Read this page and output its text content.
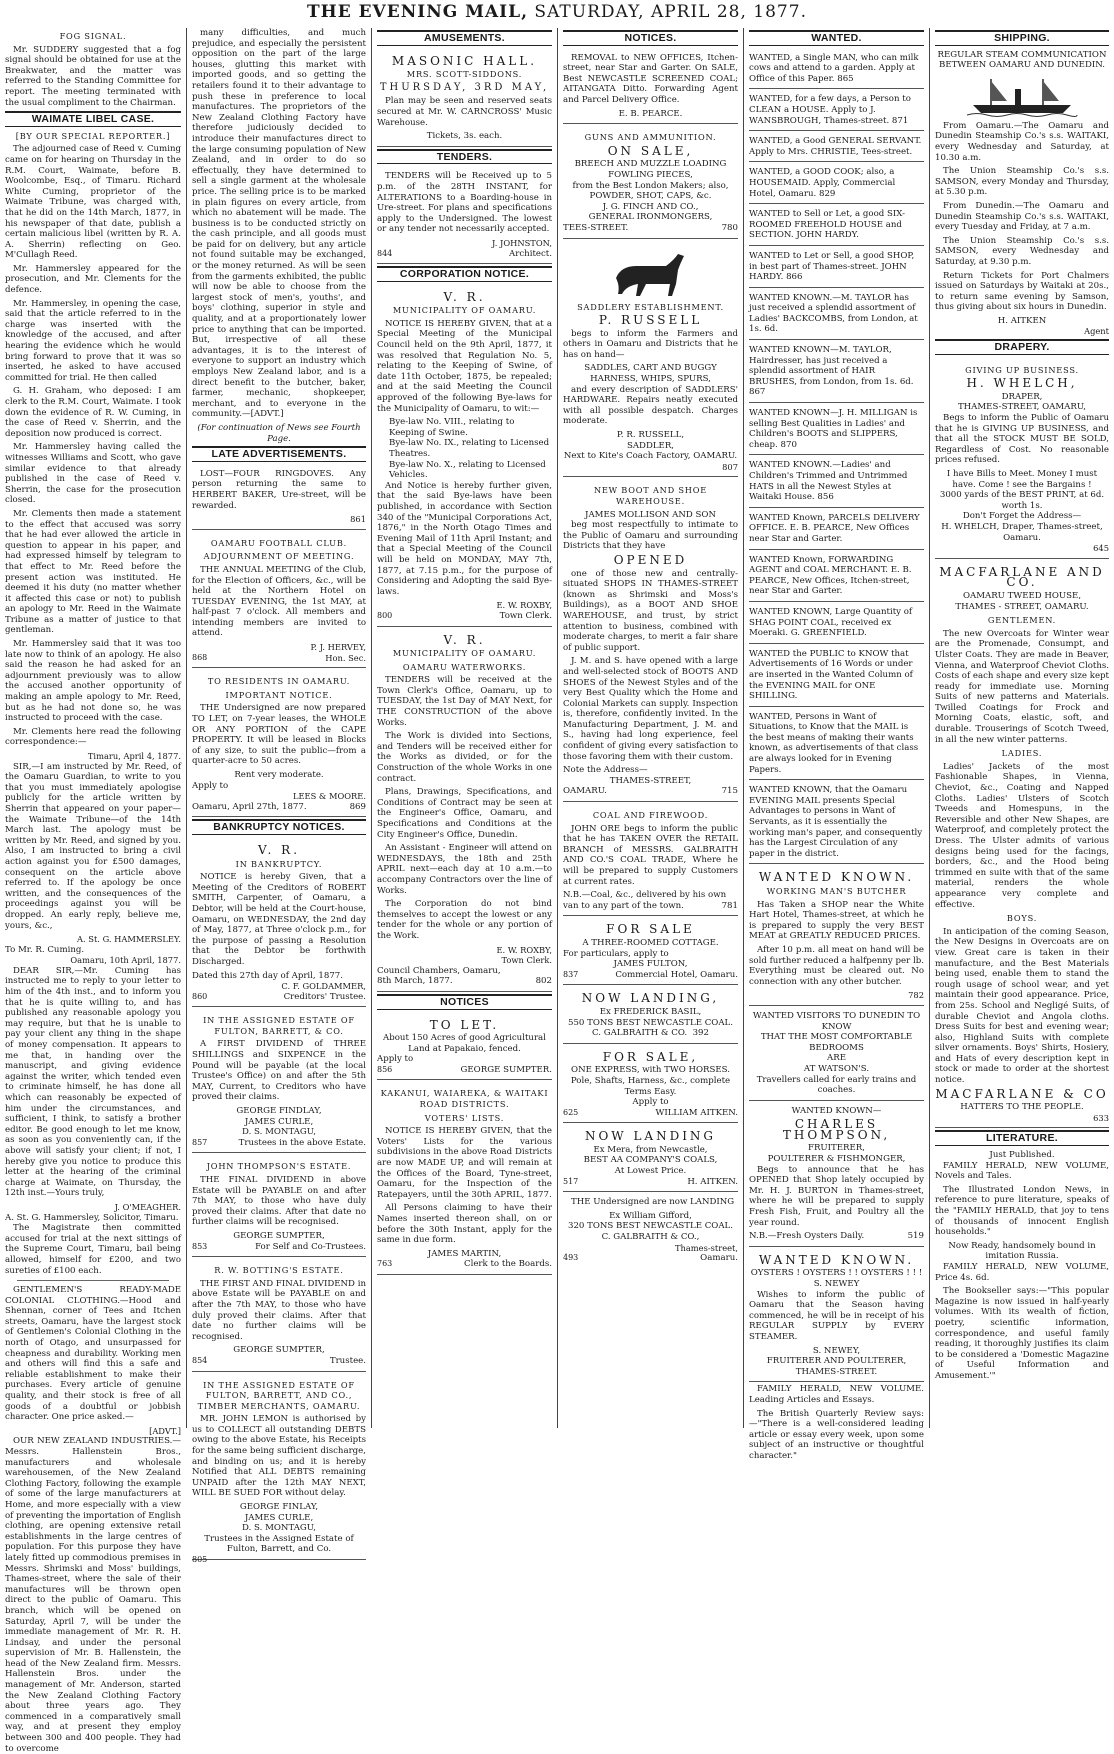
THE EVENING MAIL, SATURDAY, APRIL 28, 1877.
FOG SIGNAL.
Mr. SUDDERY suggested that a fog signal should be obtained for use at the Breakwater, and the matter was referred to the Standing Committee for report. The meeting terminated with the usual compliment to the Chairman.
WAIMATE LIBEL CASE.
[BY OUR SPECIAL REPORTER.]
The adjourned case of Reed v. Cuming came on for hearing on Thursday in the R.M. Court, Waimate, before B. Woolcombe, Esq., of Timaru. Richard White Cuming, proprietor of the Waimate Tribune, was charged with, that he did on the 14th March, 1877, in his newspaper of that date, publish a certain malicious libel (written by R. A. A. Sherrin) reflecting on Geo. M'Cullagh Reed.
Mr. Hammersley appeared for the prosecution, and Mr. Clements for the defence.
Mr. Hammersley, in opening the case, said that the article referred to in the charge was inserted with the knowledge of the accused, and after hearing the evidence which he would bring forward to prove that it was so inserted, he asked to have accused committed for trial. He then called
G. H. Graham, who deposed: I am clerk to the R.M. Court, Waimate. I took down the evidence of R. W. Cuming, in the case of Reed v. Sherrin, and the deposition now produced is correct.
Mr. Hammersley having called the witnesses Williams and Scott, who gave similar evidence to that already published in the case of Reed v. Sherrin, the case for the prosecution closed.
Mr. Clements then made a statement to the effect that accused was sorry that he had ever allowed the article in question to appear in his paper, and had expressed himself by telegram to that effect to Mr. Reed before the present action was instituted. He deemed it his duty (no matter whether it affected this case or not) to publish an apology to Mr. Reed in the Waimate Tribune as a matter of justice to that gentleman.
Mr. Hammersley said that it was too late now to think of an apology. He also said the reason he had asked for an adjournment previously was to allow the accused another opportunity of making an ample apology to Mr. Reed, but as he had not done so, he was instructed to proceed with the case.
Mr. Clements here read the following correspondence:—
Timaru, April 4, 1877.
SIR,—I am instructed by Mr. Reed, of the Oamaru Guardian, to write to you that you must immediately apologise publicly for the article written by Sherrin that appeared on your paper—the Waimate Tribune—of the 14th March last. The apology must be written by Mr. Reed, and signed by you. Also, I am instructed to bring a civil action against you for £500 damages, consequent on the article above referred to. If the apology be once written, and the consequences of the proceedings against you will be dropped. An early reply, believe me, yours, &c.,
A. St. G. HAMMERSLEY.
To Mr. R. Cuming.
Oamaru, 10th April, 1877.
DEAR SIR,—Mr. Cuming has instructed me to reply to your letter to him of the 4th inst., and to inform you that he is quite willing to, and has published any reasonable apology you may require, but that he is unable to pay your client any thing in the shape of money compensation. It appears to me that, in handing over the manuscript, and giving evidence against the writer, which tended even to criminate himself, he has done all which can reasonably be expected of him under the circumstances, and sufficient, I think, to satisfy a brother editor. Be good enough to let me know, as soon as you conveniently can, if the above will satisfy your client; if not, I hereby give you notice to produce this letter at the hearing of the criminal charge at Waimate, on Thursday, the 12th inst.—Yours truly,
J. O'MEAGHER.
A. St. G. Hammersley, Solicitor, Timaru.
The Magistrate then committed accused for trial at the next sittings of the Supreme Court, Timaru, bail being allowed, himself for £200, and two sureties of £100 each.
GENTLEMEN'S READY-MADE COLONIAL CLOTHING.—Hood and Shennan, corner of Tees and Itchen streets, Oamaru, have the largest stock of Gentlemen's Colonial Clothing in the north of Otago, and unsurpassed for cheapness and durability. Working men and others will find this a safe and reliable establishment to make their purchases. Every article of genuine quality, and their stock is free of all goods of a doubtful or jobbish character. One price asked.—
[ADVT.]
OUR NEW ZEALAND INDUSTRIES.—Messrs. Hallenstein Bros., manufacturers and wholesale warehousemen, of the New Zealand Clothing Factory, following the example of some of the large manufacturers at Home, and more especially with a view of preventing the importation of English clothing, are opening extensive retail establishments in the large centres of population. For this purpose they have lately fitted up commodious premises in Messrs. Shrimski and Moss' buildings, Thames-street, where the sale of their manufactures will be thrown open direct to the public of Oamaru. This branch, which will be opened on Saturday, April 7, will be under the immediate management of Mr. R. H. Lindsay, and under the personal supervision of Mr. B. Hallenstein, the head of the New Zealand firm. Messrs. Hallenstein Bros. under the management of Mr. Anderson, started the New Zealand Clothing Factory about three years ago. They commenced in a comparatively small way, and at present they employ between 300 and 400 people. They had to overcome
many difficulties, and much prejudice, and especially the persistent opposition on the part of the large houses, glutting this market with imported goods, and so getting the retailers found it to their advantage to push these in preference to local manufactures. The proprietors of the New Zealand Clothing Factory have therefore judiciously decided to introduce their manufactures direct to the large consuming population of New Zealand, and in order to do so effectually, they have determined to sell a single garment at the wholesale price. The selling price is to be marked in plain figures on every article, from which no abatement will be made. The business is to be conducted strictly on the cash principle, and all goods must be paid for on delivery, but any article not found suitable may be exchanged, or the money returned. As will be seen from the garments exhibited, the public will now be able to choose from the largest stock of men's, youths', and boys' clothing, superior in style and quality, and at a proportionately lower price to anything that can be imported. But, irrespective of all these advantages, it is to the interest of everyone to support an industry which employs New Zealand labor, and is a direct benefit to the butcher, baker, farmer, mechanic, shopkeeper, merchant, and to everyone in the community.—[ADVT.]
(For continuation of News see Fourth Page.
LATE ADVERTISEMENTS.
LOST—FOUR RINGDOVES. Any person returning the same to HERBERT BAKER, Ure-street, will be rewarded.
861
OAMARU FOOTBALL CLUB.
ADJOURNMENT OF MEETING.
THE ANNUAL MEETING of the Club, for the Election of Officers, &c., will be held at the Northern Hotel on TUESDAY EVENING, the 1st MAY, at half-past 7 o'clock. All members and intending members are invited to attend.
P. J. HERVEY,
868	Hon. Sec.
TO RESIDENTS IN OAMARU.
IMPORTANT NOTICE.
THE Undersigned are now prepared TO LET, on 7-year leases, the WHOLE OR ANY PORTION of the CAPE PROPERTY. It will be leased in Blocks of any size, to suit the public—from a quarter-acre to 50 acres.
Rent very moderate.
Apply to
LEES & MOORE.
Oamaru, April 27th, 1877.	869
BANKRUPTCY NOTICES.
V. R.
IN BANKRUPTCY.
NOTICE is hereby Given, that a Meeting of the Creditors of ROBERT SMITH, Carpenter, of Oamaru, a Debtor, will be held at the Court-house, Oamaru, on WEDNESDAY, the 2nd day of May, 1877, at Three o'clock p.m., for the purpose of passing a Resolution that the Debtor be forthwith Discharged.
Dated this 27th day of April, 1877.
C. F. GOLDAMMER,
860	Creditors' Trustee.
IN THE ASSIGNED ESTATE OF FULTON, BARRETT, & CO.
A FIRST DIVIDEND of THREE SHILLINGS and SIXPENCE in the Pound will be payable (at the local Trustee's Office) on and after the 5th MAY, Current, to Creditors who have proved their claims.
GEORGE FINDLAY,
JAMES CURLE,
D. S. MONTAGU,
857	Trustees in the above Estate.
JOHN THOMPSON'S ESTATE.
THE FINAL DIVIDEND in above Estate will be PAYABLE on and after 7th MAY, to those who have duly proved their claims. After that date no further claims will be recognised.
GEORGE SUMPTER,
853	For Self and Co-Trustees.
R. W. BOTTING'S ESTATE.
THE FIRST AND FINAL DIVIDEND in above Estate will be PAYABLE on and after the 7th MAY, to those who have duly proved their claims. After that date no further claims will be recognised.
GEORGE SUMPTER,
854	Trustee.
IN THE ASSIGNED ESTATE OF FULTON, BARRETT, AND CO., TIMBER MERCHANTS, OAMARU.
MR. JOHN LEMON is authorised by us to COLLECT all outstanding DEBTS owing to the above Estate, his Receipts for the same being sufficient discharge, and binding on us; and it is hereby Notified that ALL DEBTS remaining UNPAID after the 12th MAY NEXT, WILL BE SUED FOR without delay.
GEORGE FINLAY,
JAMES CURLE,
D. S. MONTAGU,
Trustees in the Assigned Estate of Fulton, Barrett, and Co.
805
AMUSEMENTS.
MASONIC HALL.
MRS. SCOTT-SIDDONS.
THURSDAY, 3RD MAY,
Plan may be seen and reserved seats secured at Mr. W. CARNCROSS' Music Warehouse.
Tickets, 3s. each.
TENDERS.
TENDERS will be Received up to 5 p.m. of the 28TH INSTANT, for ALTERATIONS to a Boarding-house in Ure-street. For plans and specifications apply to the Undersigned. The lowest or any tender not necessarily accepted.
J. JOHNSTON,
844	Architect.
CORPORATION NOTICE.
V. R.
MUNICIPALITY OF OAMARU.
NOTICE IS HEREBY GIVEN, that at a Special Meeting of the Municipal Council held on the 9th April, 1877, it was resolved that Regulation No. 5, relating to the Keeping of Swine, of date 11th October, 1875, be repealed; and at the said Meeting the Council approved of the following Bye-laws for the Municipality of Oamaru, to wit:—
Bye-law No. VIII., relating to Keeping of Swine.
Bye-law No. IX., relating to Licensed Theatres.
Bye-law No. X., relating to Licensed Vehicles.
And Notice is hereby further given, that the said Bye-laws have been published, in accordance with Section 340 of the "Municipal Corporations Act, 1876," in the North Otago Times and Evening Mail of 11th April Instant; and that a Special Meeting of the Council will be held on MONDAY, MAY 7th, 1877, at 7.15 p.m., for the purpose of Considering and Adopting the said Bye-laws.
E. W. ROXBY,
800	Town Clerk.
V. R.
MUNICIPALITY OF OAMARU.
OAMARU WATERWORKS.
TENDERS will be received at the Town Clerk's Office, Oamaru, up to TUESDAY, the 1st Day of MAY Next, for THE CONSTRUCTION of the above Works.
The Work is divided into Sections, and Tenders will be received either for the Works as divided, or for the Construction of the whole Works in one contract.
Plans, Drawings, Specifications, and Conditions of Contract may be seen at the Engineer's Office, Oamaru, and Specifications and Conditions at the City Engineer's Office, Dunedin.
An Assistant - Engineer will attend on WEDNESDAYS, the 18th and 25th APRIL next—each day at 10 a.m.—to accompany Contractors over the line of Works.
The Corporation do not bind themselves to accept the lowest or any tender for the whole or any portion of the Work.
E. W. ROXBY,
Town Clerk.
Council Chambers, Oamaru,
8th March, 1877.	802
NOTICES
TO LET.
About 150 Acres of good Agricultural Land at Papakaio, fenced.
Apply to
856	GEORGE SUMPTER.
KAKANUI, WAIAREKA, & WAITAKI ROAD DISTRICTS.
VOTERS' LISTS.
NOTICE IS HEREBY GIVEN, that the Voters' Lists for the various subdivisions in the above Road Districts are now MADE UP, and will remain at the Offices of the Board, Tyne-street, Oamaru, for the Inspection of the Ratepayers, until the 30th APRIL, 1877.
All Persons claiming to have their Names inserted thereon shall, on or before the 30th Instant, apply for the same in due form.
JAMES MARTIN,
763	Clerk to the Boards.
NOTICES.
REMOVAL to NEW OFFICES, Itchen-street, near Star and Garter. On SALE, Best NEWCASTLE SCREENED COAL; AITANGATA Ditto. Forwarding Agent and Parcel Delivery Office.
E. B. PEARCE.
GUNS AND AMMUNITION.
ON SALE,
BREECH AND MUZZLE LOADING FOWLING PIECES,
from the Best London Makers; also,
POWDER, SHOT, CAPS, &c.
J. G. FINCH AND CO.,
GENERAL IRONMONGERS,
TEES-STREET.	780
SADDLERY ESTABLISHMENT.
P. RUSSELL
begs to inform the Farmers and others in Oamaru and Districts that he has on hand—
SADDLES, CART AND BUGGY HARNESS, WHIPS, SPURS,
and every description of SADDLERS' HARDWARE. Repairs neatly executed with all possible despatch. Charges moderate.
P. R. RUSSELL,
SADDLER,
Next to Kite's Coach Factory, OAMARU.
807
NEW BOOT AND SHOE WAREHOUSE.
JAMES MOLLISON AND SON
beg most respectfully to intimate to the Public of Oamaru and surrounding Districts that they have
OPENED
one of those new and centrally-situated SHOPS IN THAMES-STREET (known as Shrimski and Moss's Buildings), as a BOOT AND SHOE WAREHOUSE, and trust, by strict attention to business, combined with moderate charges, to merit a fair share of public support.
J. M. and S. have opened with a large and well-selected stock of BOOTS AND SHOES of the Newest Styles and of the very Best Quality which the Home and Colonial Markets can supply. Inspection is, therefore, confidently invited. In the Manufacturing Department, J. M. and S., having had long experience, feel confident of giving every satisfaction to those favoring them with their custom.
Note the Address—
THAMES-STREET,
OAMARU.	715
COAL AND FIREWOOD.
JOHN ORE begs to inform the public that he has TAKEN OVER the RETAIL BRANCH of MESSRS. GALBRAITH AND CO.'S COAL TRADE, Where he will be prepared to supply Customers at current rates.
N.B.—Coal, &c., delivered by his own van to any part of the town.	781
FOR SALE
A THREE-ROOMED COTTAGE.
For particulars, apply to
JAMES FULTON,
837	Commercial Hotel, Oamaru.
NOW LANDING,
Ex FREDERICK BASIL,
550 TONS BEST NEWCASTLE COAL.
C. GALBRAITH & CO. 392
FOR SALE,
ONE EXPRESS, with TWO HORSES.
Pole, Shafts, Harness, &c., complete
Terms Easy.
Apply to
625	WILLIAM AITKEN.
NOW LANDING
Ex Mera, from Newcastle,
BEST AA COMPANY'S COALS,
At Lowest Price.
517	H. AITKEN.
THE Undersigned are now LANDING
Ex William Gifford,
320 TONS BEST NEWCASTLE COAL.
C. GALBRAITH & CO.,
Thames-street,
493	Oamaru.
WANTED.
WANTED, a Single MAN, who can milk cows and attend to a garden. Apply at Office of this Paper. 865
WANTED, for a few days, a Person to CLEAN a HOUSE. Apply to J. WANSBROUGH, Thames-street. 871
WANTED, a Good GENERAL SERVANT. Apply to Mrs. CHRISTIE, Tees-street.
WANTED, a GOOD COOK; also, a HOUSEMAID. Apply, Commercial Hotel, Oamaru. 829
WANTED to Sell or Let, a good SIX-ROOMED FREEHOLD HOUSE and SECTION. JOHN HARDY.
WANTED to Let or Sell, a good SHOP, in best part of Thames-street. JOHN HARDY. 866
WANTED KNOWN.—M. TAYLOR has just received a splendid assortment of Ladies' BACKCOMBS, from London, at 1s. 6d.
WANTED KNOWN—M. TAYLOR, Hairdresser, has just received a splendid assortment of HAIR BRUSHES, from London, from 1s. 6d. 867
WANTED KNOWN—J. H. MILLIGAN is selling Best Qualities in Ladies' and Children's BOOTS and SLIPPERS, cheap. 870
WANTED KNOWN.—Ladies' and Children's Trimmed and Untrimmed HATS in all the Newest Styles at Waitaki House. 856
WANTED Known, PARCELS DELIVERY OFFICE. E. B. PEARCE, New Offices near Star and Garter.
WANTED Known, FORWARDING AGENT and COAL MERCHANT. E. B. PEARCE, New Offices, Itchen-street, near Star and Garter.
WANTED KNOWN, Large Quantity of SHAG POINT COAL, received ex Moeraki. G. GREENFIELD.
WANTED the PUBLIC to KNOW that Advertisements of 16 Words or under are inserted in the Wanted Column of the EVENING MAIL for ONE SHILLING.
WANTED, Persons in Want of Situations, to Know that the MAIL is the best means of making their wants known, as advertisements of that class are always looked for in Evening Papers.
WANTED KNOWN, that the Oamaru EVENING MAIL presents Special Advantages to persons in Want of Servants, as it is essentially the working man's paper, and consequently has the Largest Circulation of any paper in the district.
WANTED KNOWN.
WORKING MAN'S BUTCHER
Has Taken a SHOP near the White Hart Hotel, Thames-street, at which he is prepared to supply the very BEST MEAT at GREATLY REDUCED PRICES.
After 10 p.m. all meat on hand will be sold further reduced a halfpenny per lb. Everything must be cleared out. No connection with any other butcher.
782
WANTED VISITORS TO DUNEDIN TO KNOW
THAT THE MOST COMFORTABLE BEDROOMS
ARE
AT WATSON'S.
Travellers called for early trains and coaches.
WANTED KNOWN—
CHARLES THOMPSON,
FRUITERER,
POULTERER & FISHMONGER,
Begs to announce that he has OPENED that Shop lately occupied by Mr. H. J. BURTON in Thames-street, where he will be prepared to supply Fresh Fish, Fruit, and Poultry all the year round.
N.B.—Fresh Oysters Daily.	519
WANTED KNOWN.
OYSTERS ! OYSTERS ! ! OYSTERS ! ! !
S. NEWEY
Wishes to inform the public of Oamaru that the Season having commenced, he will be in receipt of his REGULAR SUPPLY by EVERY STEAMER.
S. NEWEY,
FRUITERER AND POULTERER,
THAMES-STREET.
FAMILY HERALD, NEW VOLUME. Leading Articles and Essays.
The British Quarterly Review says:—"There is a well-considered leading article or essay every week, upon some subject of an instructive or thoughtful character."
SHIPPING.
REGULAR STEAM COMMUNICATION BETWEEN OAMARU AND DUNEDIN.
From Oamaru.—The Oamaru and Dunedin Steamship Co.'s s.s. WAITAKI, every Wednesday and Saturday, at 10.30 a.m.
The Union Steamship Co.'s s.s. SAMSON, every Monday and Thursday, at 5.30 p.m.
From Dunedin.—The Oamaru and Dunedin Steamship Co.'s s.s. WAITAKI, every Tuesday and Friday, at 7 a.m.
The Union Steamship Co.'s s.s. SAMSON, every Wednesday and Saturday, at 9.30 p.m.
Return Tickets for Port Chalmers issued on Saturdays by Waitaki at 20s., to return same evening by Samson, thus giving about six hours in Dunedin.
H. AITKEN
Agent
DRAPERY.
GIVING UP BUSINESS.
H. WHELCH,
DRAPER,
THAMES-STREET, OAMARU,
Begs to inform the Public of Oamaru that he is GIVING UP BUSINESS, and that all the STOCK MUST BE SOLD, Regardless of Cost. No reasonable prices refused.
I have Bills to Meet. Money I must have. Come ! see the Bargains !
3000 yards of the BEST PRINT, at 6d. worth 1s.
Don't Forget the Address—
H. WHELCH, Draper, Thames-street, Oamaru.
645
MACFARLANE AND CO.
OAMARU TWEED HOUSE,
THAMES - STREET, OAMARU.
GENTLEMEN.
The new Overcoats for Winter wear are the Promenade, Consumpt, and Ulster Coats. They are made in Beaver, Vienna, and Waterproof Cheviot Cloths. Costs of each shape and every size kept ready for immediate use. Morning Suits of new patterns and Materials. Twilled Coatings for Frock and Morning Coats, elastic, soft, and durable. Trouserings of Scotch Tweed, in all the new winter patterns.
LADIES.
Ladies' Jackets of the most Fashionable Shapes, in Vienna, Cheviot, &c., Coating and Napped Cloths. Ladies' Ulsters of Scotch Tweeds and Homespuns, in the Reversible and other New Shapes, are Waterproof, and completely protect the Dress. The Ulster admits of various designs being used for the facings, borders, &c., and the Hood being trimmed en suite with that of the same material, renders the whole appearance very complete and effective.
BOYS.
In anticipation of the coming Season, the New Designs in Overcoats are on view. Great care is taken in their manufacture, and the Best Materials being used, enable them to stand the rough usage of school wear, and yet maintain their good appearance. Price, from 25s. School and Negligé Suits, of durable Cheviot and Angola cloths. Dress Suits for best and evening wear; also, Highland Suits with complete silver ornaments. Boys' Shirts, Hosiery, and Hats of every description kept in stock or made to order at the shortest notice.
MACFARLANE & CO
HATTERS TO THE PEOPLE.
633
LITERATURE.
Just Published.
FAMILY HERALD, NEW VOLUME, Novels and Tales.
The Illustrated London News, in reference to pure literature, speaks of the "FAMILY HERALD, that joy to tens of thousands of innocent English households."
Now Ready, handsomely bound in imitation Russia.
FAMILY HERALD, NEW VOLUME, Price 4s. 6d.
The Bookseller says:—"This popular Magazine is now issued in half-yearly volumes. With its wealth of fiction, poetry, scientific information, correspondence, and useful family reading, it thoroughly justifies its claim to be considered a 'Domestic Magazine of Useful Information and Amusement.'"
